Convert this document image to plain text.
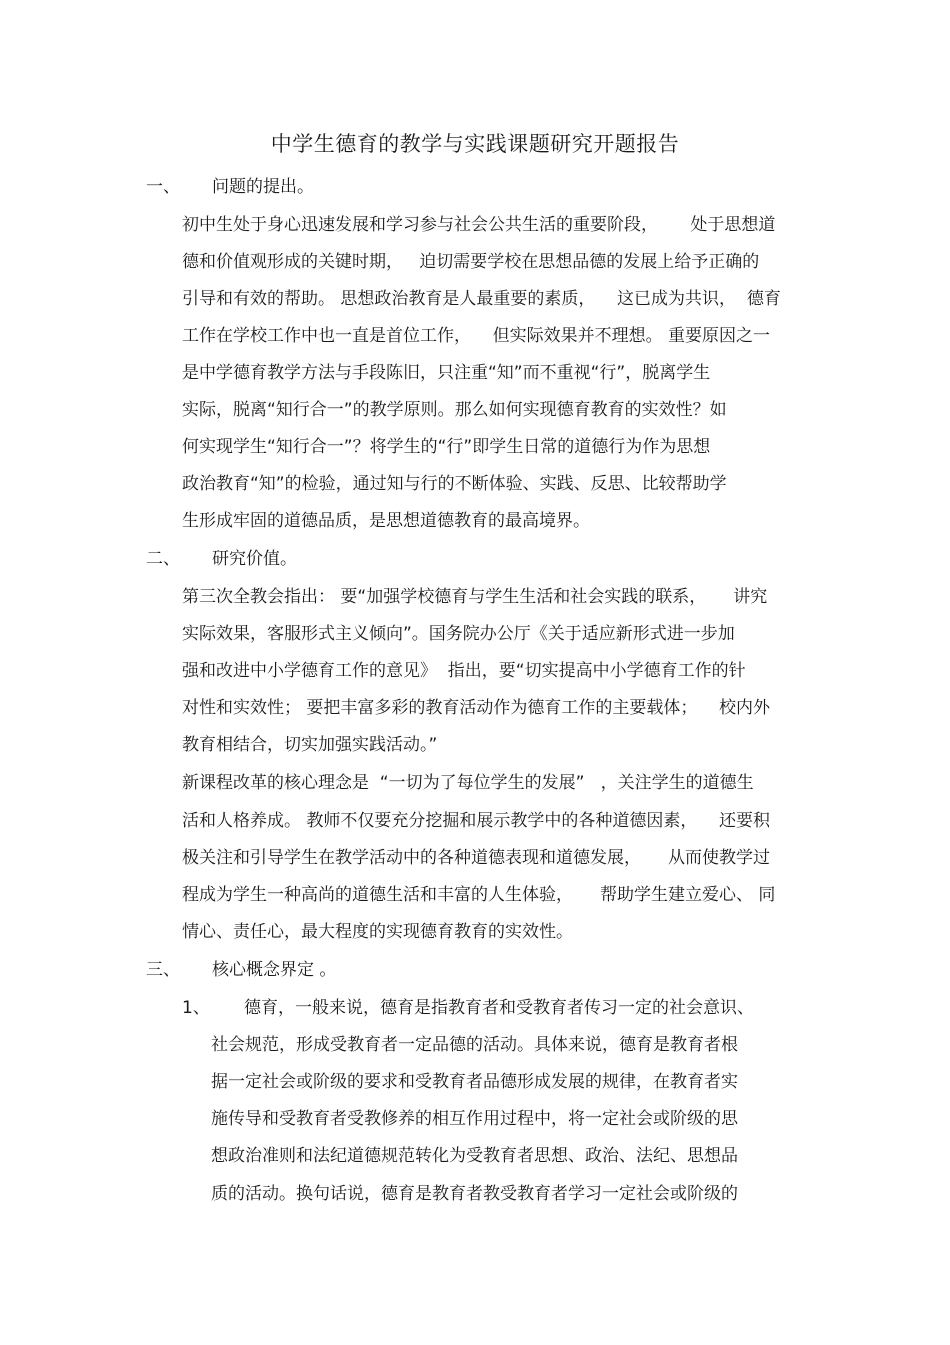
中学生德育的教学与实践课题研究开题报告
一、 问题的提出。
初中生处于身心迅速发展和学习参与社会公共生活的重要阶段，      处于思想道
德和价值观形成的关键时期，   迫切需要学校在思想品德的发展上给予正确的
引导和有效的帮助。 思想政治教育是人最重要的素质，    这已成为共识，  德育
工作在学校工作中也一直是首位工作，    但实际效果并不理想。 重要原因之一
是中学德育教学方法与手段陈旧，只注重“知”而不重视“行”，脱离学生
实际，脱离“知行合一”的教学原则。那么如何实现德育教育的实效性？如
何实现学生“知行合一”？将学生的“行”即学生日常的道德行为作为思想
政治教育“知”的检验，通过知与行的不断体验、实践、反思、比较帮助学
生形成牢固的道德品质，是思想道德教育的最高境界。
二、 研究价值。
第三次全教会指出： 要“加强学校德育与学生生活和社会实践的联系，     讲究
实际效果，客服形式主义倾向”。国务院办公厅《关于适应新形式进一步加
强和改进中小学德育工作的意见》  指出，要“切实提高中小学德育工作的针
对性和实效性； 要把丰富多彩的教育活动作为德育工作的主要载体；    校内外
教育相结合，切实加强实践活动。”
新课程改革的核心理念是  “一切为了每位学生的发展”   ，关注学生的道德生
活和人格养成。 教师不仅要充分挖掘和展示教学中的各种道德因素，    还要积
极关注和引导学生在教学活动中的各种道德表现和道德发展，     从而使教学过
程成为学生一种高尚的道德生活和丰富的人生体验，     帮助学生建立爱心、 同
情心、责任心，最大程度的实现德育教育的实效性。
三、 核心概念界定 。
1、 德育，一般来说，德育是指教育者和受教育者传习一定的社会意识、
社会规范，形成受教育者一定品德的活动。具体来说，德育是教育者根
据一定社会或阶级的要求和受教育者品德形成发展的规律，在教育者实
施传导和受教育者受教修养的相互作用过程中，将一定社会或阶级的思
想政治准则和法纪道德规范转化为受教育者思想、政治、法纪、思想品
质的活动。换句话说，德育是教育者教受教育者学习一定社会或阶级的
